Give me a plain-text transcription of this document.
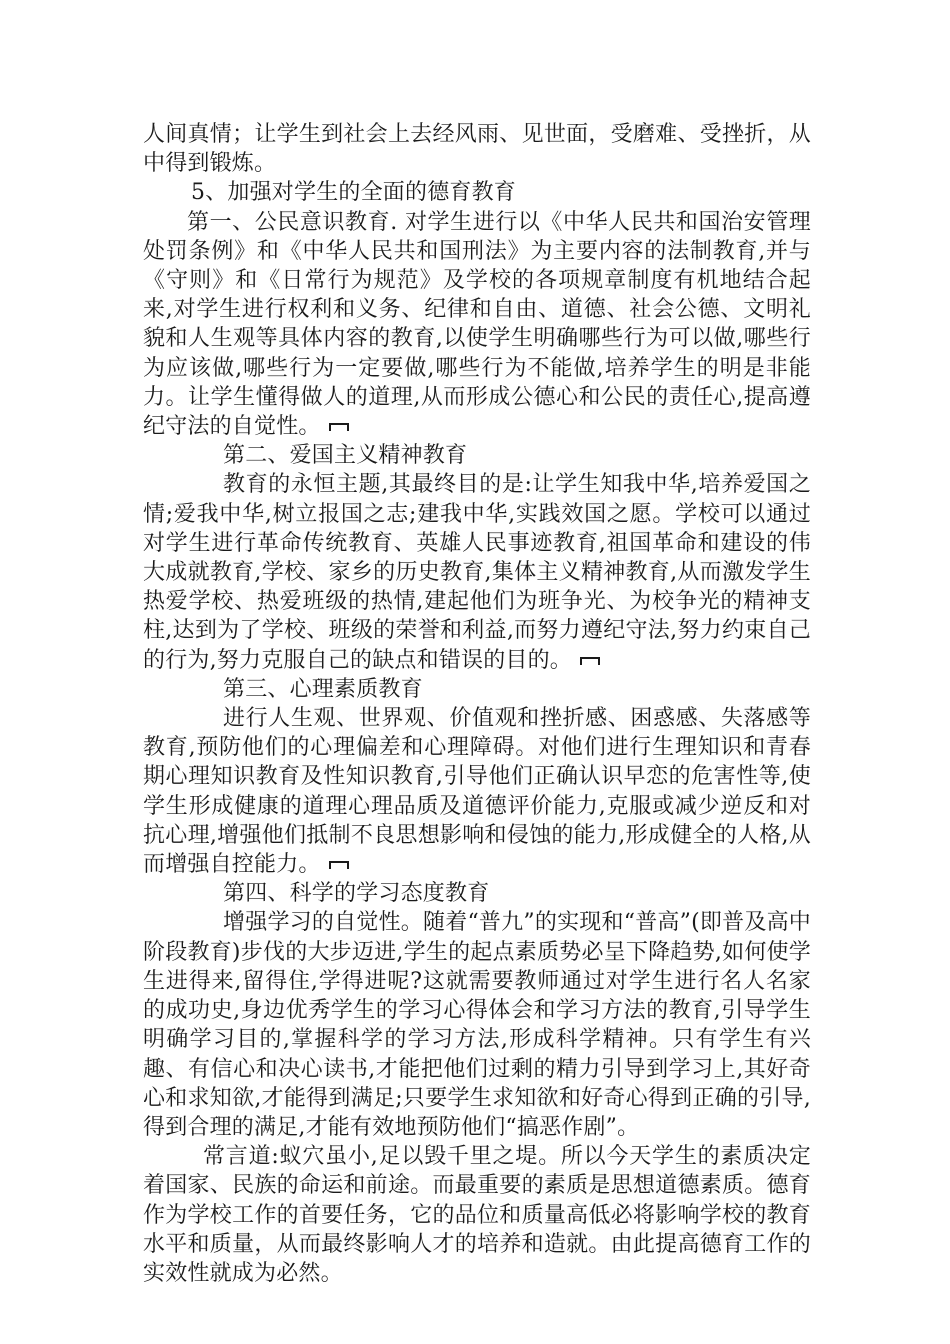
人间真情；让学生到社会上去经风雨、见世面，受磨难、受挫折，从中得到锻炼。

5、加强对学生的全面的德育教育

第一、公民意识教育. 对学生进行以《中华人民共和国治安管理处罚条例》和《中华人民共和国刑法》为主要内容的法制教育,并与《守则》和《日常行为规范》及学校的各项规章制度有机地结合起来,对学生进行权利和义务、纪律和自由、道德、社会公德、文明礼貌和人生观等具体内容的教育,以使学生明确哪些行为可以做,哪些行为应该做,哪些行为一定要做,哪些行为不能做,培养学生的明是非能力。让学生懂得做人的道理,从而形成公德心和公民的责任心,提高遵纪守法的自觉性。

第二、爱国主义精神教育

教育的永恒主题,其最终目的是:让学生知我中华,培养爱国之情;爱我中华,树立报国之志;建我中华,实践效国之愿。学校可以通过对学生进行革命传统教育、英雄人民事迹教育,祖国革命和建设的伟大成就教育,学校、家乡的历史教育,集体主义精神教育,从而激发学生热爱学校、热爱班级的热情,建起他们为班争光、为校争光的精神支柱,达到为了学校、班级的荣誉和利益,而努力遵纪守法,努力约束自己的行为,努力克服自己的缺点和错误的目的。

第三、心理素质教育

进行人生观、世界观、价值观和挫折感、困惑感、失落感等教育,预防他们的心理偏差和心理障碍。对他们进行生理知识和青春期心理知识教育及性知识教育,引导他们正确认识早恋的危害性等,使学生形成健康的道理心理品质及道德评价能力,克服或减少逆反和对抗心理,增强他们抵制不良思想影响和侵蚀的能力,形成健全的人格,从而增强自控能力。

第四、科学的学习态度教育

增强学习的自觉性。随着“普九”的实现和“普高”(即普及高中阶段教育)步伐的大步迈进,学生的起点素质势必呈下降趋势,如何使学生进得来,留得住,学得进呢?这就需要教师通过对学生进行名人名家的成功史,身边优秀学生的学习心得体会和学习方法的教育,引导学生明确学习目的,掌握科学的学习方法,形成科学精神。只有学生有兴趣、有信心和决心读书,才能把他们过剩的精力引导到学习上,其好奇心和求知欲,才能得到满足;只要学生求知欲和好奇心得到正确的引导,得到合理的满足,才能有效地预防他们“搞恶作剧”。

常言道:蚁穴虽小,足以毁千里之堤。所以今天学生的素质决定着国家、民族的命运和前途。而最重要的素质是思想道德素质。德育作为学校工作的首要任务，它的品位和质量高低必将影响学校的教育水平和质量，从而最终影响人才的培养和造就。由此提高德育工作的实效性就成为必然。
